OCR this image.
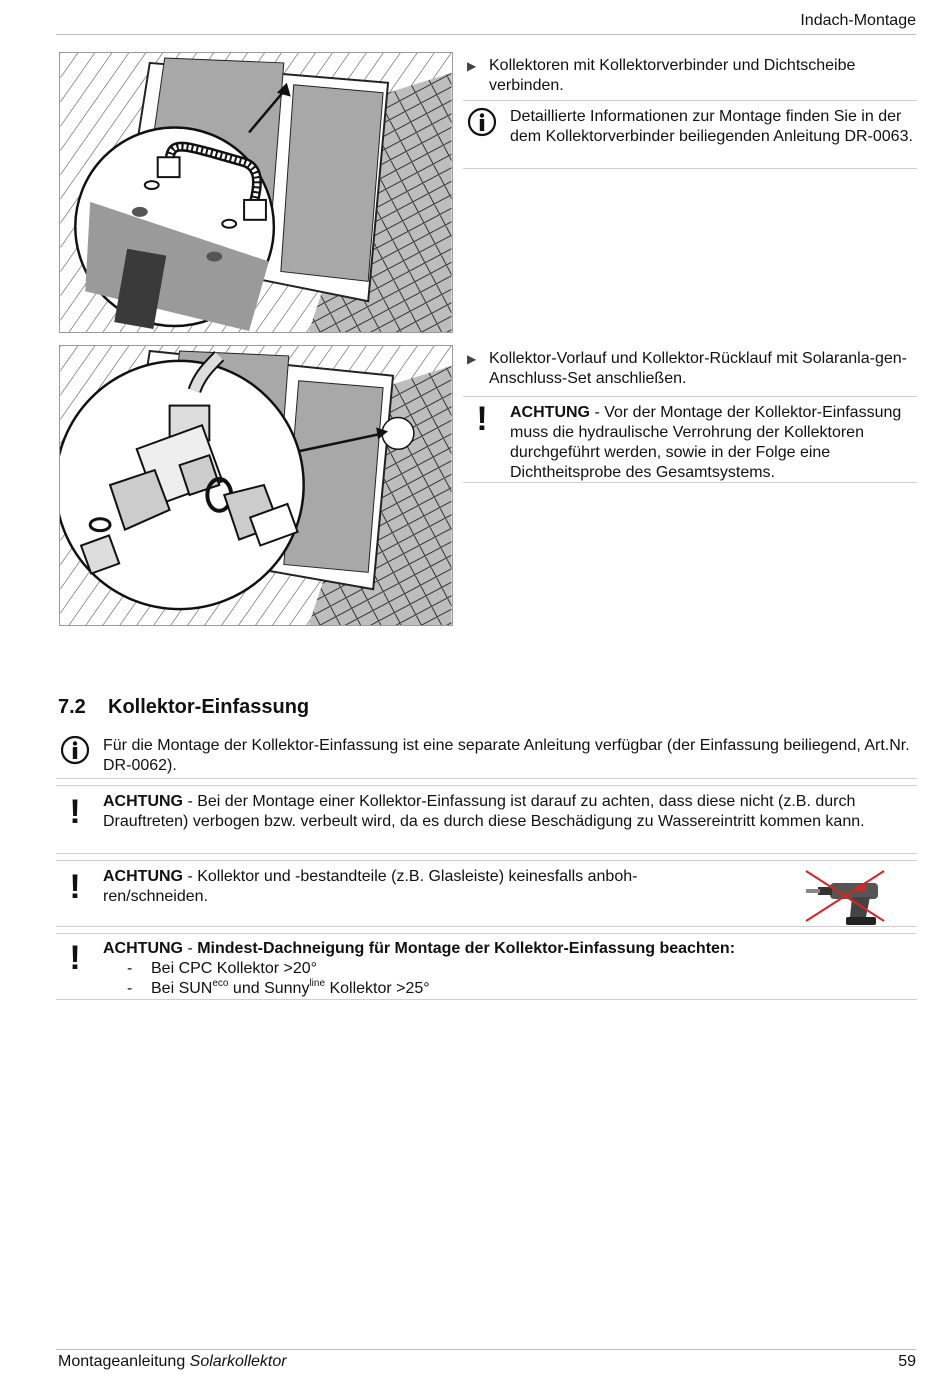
Indach-Montage
▶ Kollektoren mit Kollektorverbinder und Dichtscheibe verbinden.
Detaillierte Informationen zur Montage finden Sie in der dem Kollektorverbinder beiliegenden Anleitung DR-0063.
▶ Kollektor-Vorlauf und Kollektor-Rücklauf mit Solaranla-gen-Anschluss-Set anschließen.
!	ACHTUNG - Vor der Montage der Kollektor-Einfassung muss die hydraulische Verrohrung der Kollektoren durchgeführt werden, sowie in der Folge eine Dichtheitsprobe des Gesamtsystems.
7.2 Kollektor-Einfassung
Für die Montage der Kollektor-Einfassung ist eine separate Anleitung verfügbar (der Einfassung beiliegend, Art.Nr. DR-0062).
!	ACHTUNG - Bei der Montage einer Kollektor-Einfassung ist darauf zu achten, dass diese nicht (z.B. durch Drauftreten) verbogen bzw. verbeult wird, da es durch diese Beschädigung zu Wassereintritt kommen kann.
!	ACHTUNG - Kollektor und -bestandteile (z.B. Glasleiste) keinesfalls anboh-ren/schneiden.
!	ACHTUNG - Mindest-Dachneigung für Montage der Kollektor-Einfassung beachten:
- Bei CPC Kollektor >20°
- Bei $SUN^{eco}$ und Sunny$^{line}$ Kollektor >25°
Montageanleitung Solarkollektor	59
